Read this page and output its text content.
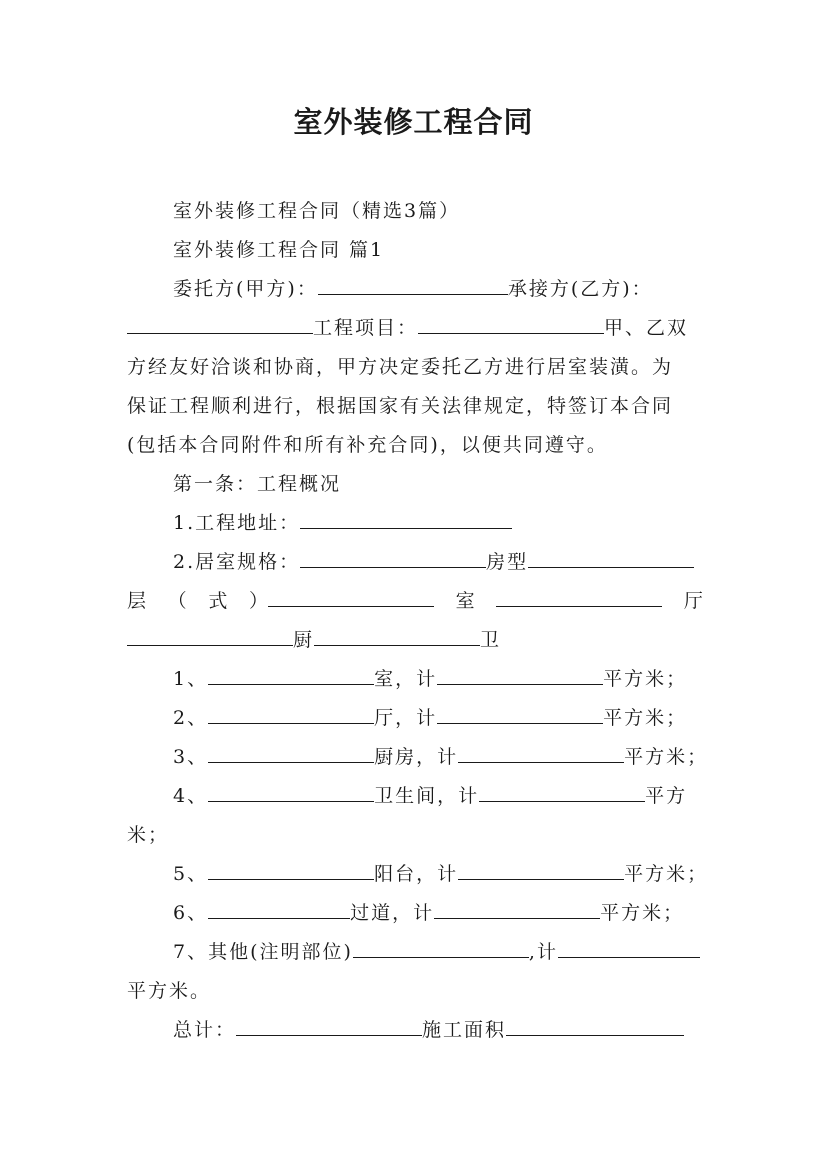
室外装修工程合同
室外装修工程合同（精选3篇）
室外装修工程合同 篇1
委托方(甲方)：	承接方(乙方)：
工程项目：	甲、乙双
方经友好洽谈和协商，甲方决定委托乙方进行居室装潢。为
保证工程顺利进行，根据国家有关法律规定，特签订本合同
(包括本合同附件和所有补充合同)，以便共同遵守。
第一条：工程概况
1.工程地址：
2.居室规格：	房型
层 （ 式 ）	室	厅
厨	卫
1、	室，计	平方米；
2、	厅，计	平方米；
3、	厨房，计	平方米；
4、	卫生间，计	平方
米；
5、	阳台，计	平方米；
6、	过道，计	平方米；
7、其他(注明部位)	,计
平方米。
总计：	施工面积
